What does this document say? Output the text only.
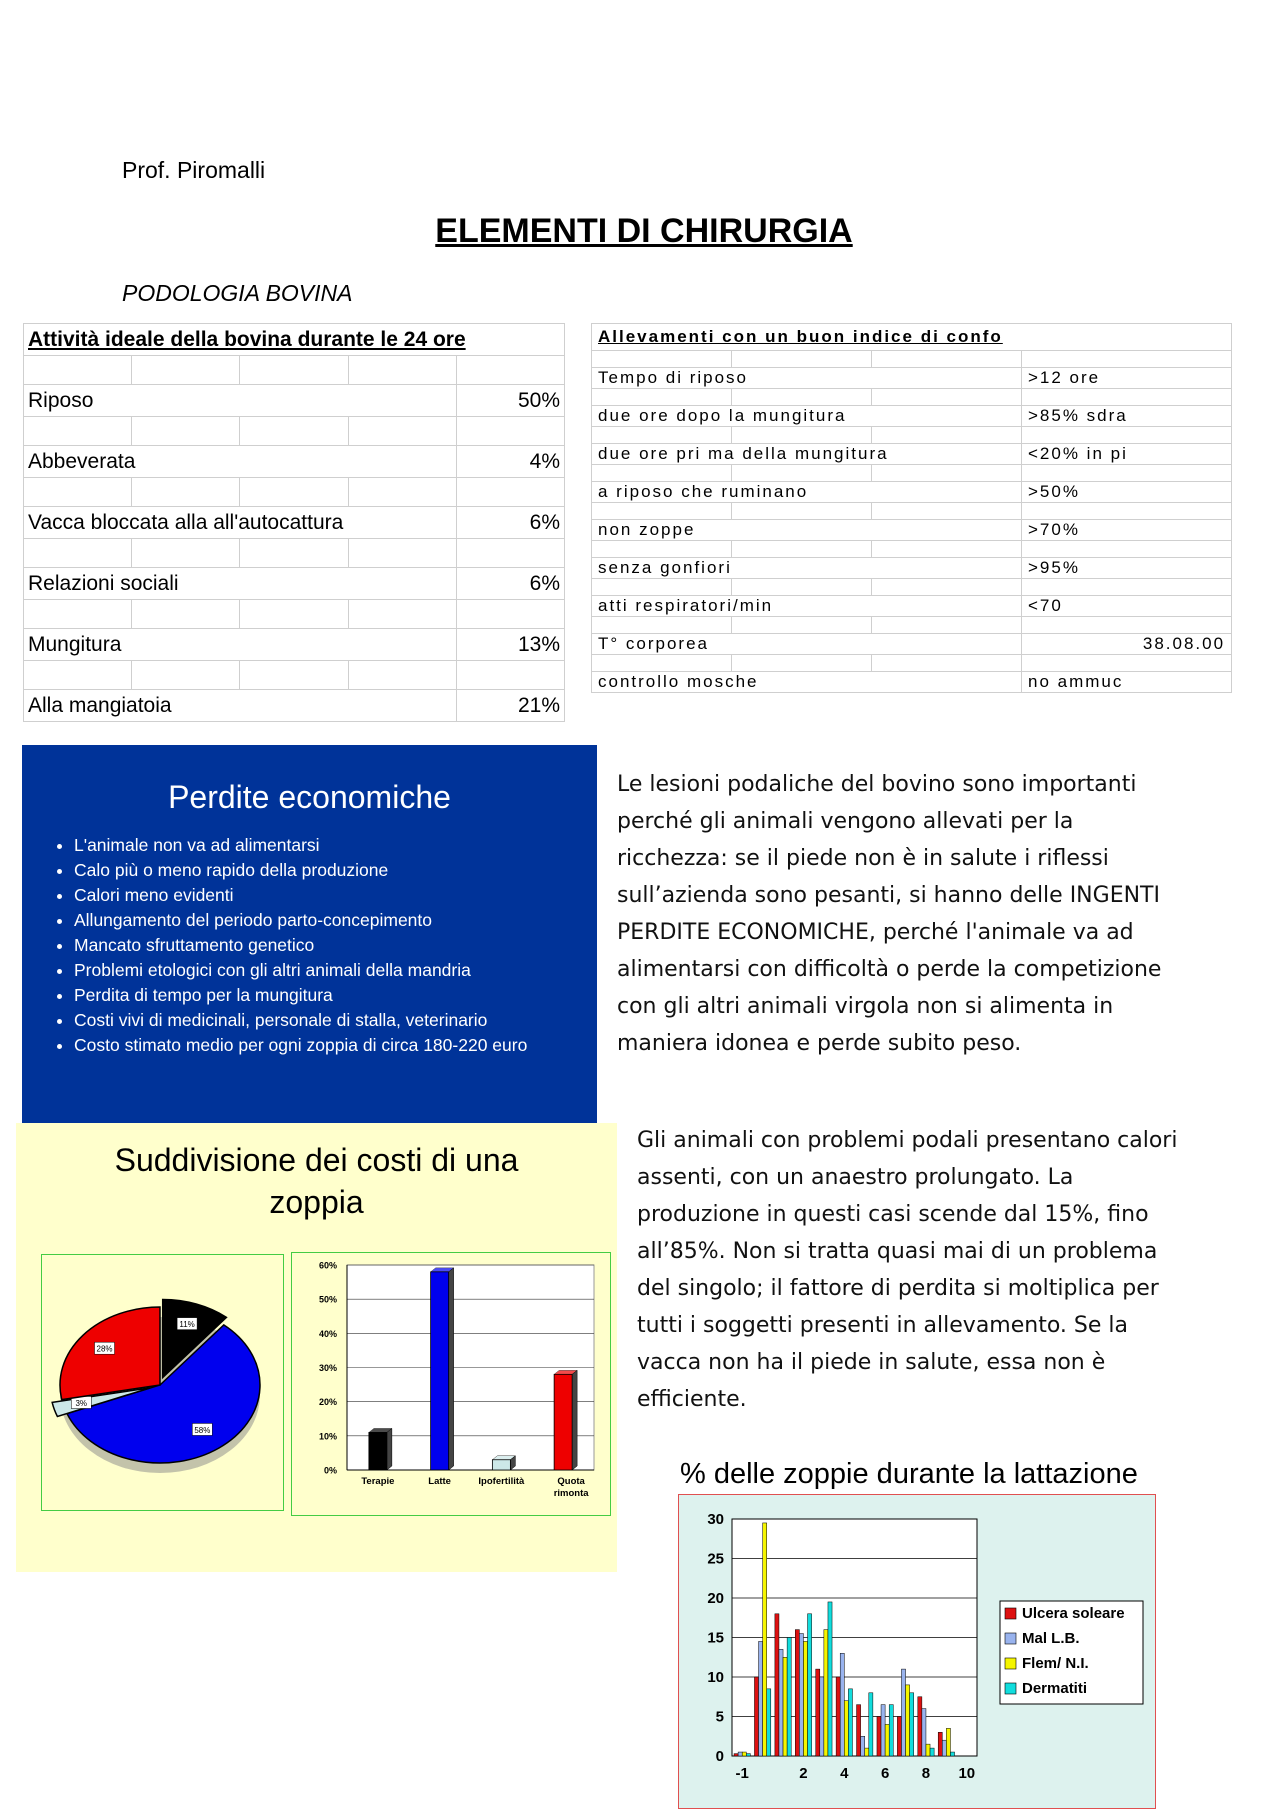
Prof. Piromalli
ELEMENTI DI CHIRURGIA
PODOLOGIA BOVINA
Attività ideale della bovina durante le 24 ore				

Riposo				50%

Abbeverata				4%

Vacca bloccata alla all'autocattura				6%

Relazioni sociali				6%

Mungitura				13%

Alla mangiatoia				21%
Allevamenti con un buon indice di confo			

Tempo di riposo			>12 ore

due ore dopo la mungitura			>85% sdra

due ore pri ma della mungitura			<20% in pi

a riposo che ruminano			>50%

non zoppe			>70%

senza gonfiori			>95%

atti respiratori/min			<70

T° corporea			38.08.00

controllo mosche			no ammuc
Perdite economiche
• L'animale non va ad alimentarsi
• Calo più o meno rapido della produzione
• Calori meno evidenti
• Allungamento del periodo parto-concepimento
• Mancato sfruttamento genetico
• Problemi etologici con gli altri animali della mandria
• Perdita di tempo per la mungitura
• Costi vivi di medicinali, personale di stalla, veterinario
• Costo stimato medio per ogni zoppia di circa 180-220 euro
Le lesioni podaliche del bovino sono importanti perché gli animali vengono allevati per la ricchezza: se il piede non è in salute i riflessi sull’azienda sono pesanti, si hanno delle INGENTI PERDITE ECONOMICHE, perché l'animale va ad alimentarsi con difficoltà o perde la competizione con gli altri animali virgola non si alimenta in maniera idonea e perde subito peso.
Gli animali con problemi podali presentano calori assenti, con un anaestro prolungato. La produzione in questi casi scende dal 15%, fino all’85%. Non si tratta quasi mai di un problema del singolo; il fattore di perdita si moltiplica per tutti i soggetti presenti in allevamento. Se la vacca non ha il piede in salute, essa non è efficiente.
Suddivisione dei costi di una
zoppia
11%
58%
3%
28%
0%
10%
20%
30%
40%
50%
60%
Terapie	Latte	Ipofertilità	Quota
rimonta
% delle zoppie durante la lattazione
0
5
10
15
20
25
30
-1	2 4 6 8 10
Ulcera soleare
Mal L.B.
Flem/ N.I.
Dermatiti
